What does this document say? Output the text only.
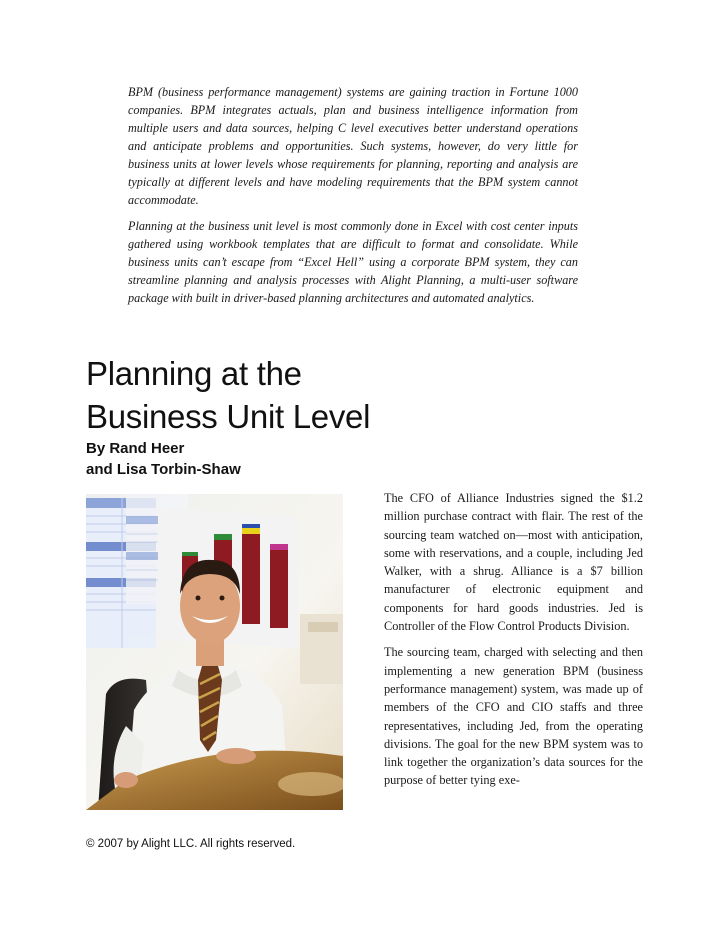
BPM (business performance management) systems are gaining traction in Fortune 1000 companies. BPM integrates actuals, plan and business intelligence information from multiple users and data sources, helping C level executives better understand operations and anticipate problems and opportunities. Such systems, however, do very little for business units at lower levels whose requirements for planning, reporting and analysis are typically at different levels and have modeling requirements that the BPM system cannot accommodate.

Planning at the business unit level is most commonly done in Excel with cost center inputs gathered using workbook templates that are difficult to format and consolidate. While business units can’t escape from “Excel Hell” using a corporate BPM system, they can streamline planning and analysis processes with Alight Planning, a multi-user software package with built in driver-based planning architectures and automated analytics.

Planning at the
Business Unit Level
By Rand Heer
and Lisa Torbin-Shaw

The CFO of Alliance Industries signed the $1.2 million purchase contract with flair. The rest of the sourcing team watched on—most with anticipation, some with reservations, and a couple, including Jed Walker, with a shrug. Alliance is a $7 billion manufacturer of electronic equipment and components for hard goods industries. Jed is Controller of the Flow Control Products Division.

The sourcing team, charged with selecting and then implementing a new generation BPM (business performance management) system, was made up of members of the CFO and CIO staffs and three representatives, including Jed, from the operating divisions. The goal for the new BPM system was to link together the organization’s data sources for the purpose of better tying exe-

© 2007 by Alight LLC. All rights reserved.
